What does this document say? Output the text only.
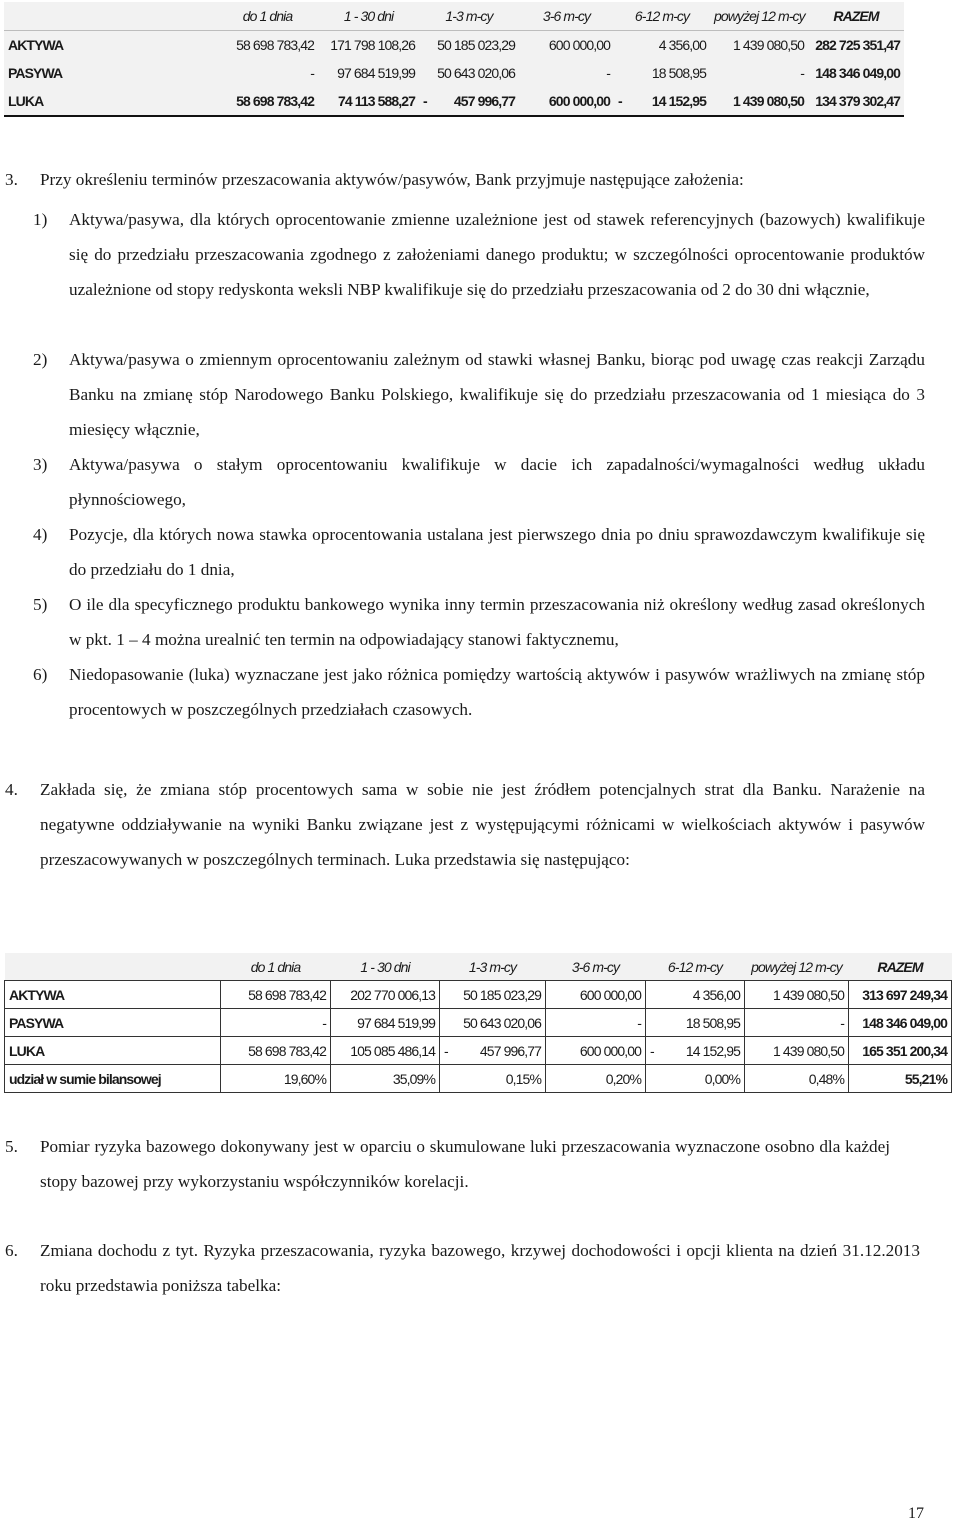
	do 1 dnia	1 - 30 dni	1-3 m-cy	3-6 m-cy	6-12 m-cy	powyżej 12 m-cy	RAZEM
AKTYWA	58 698 783,42	171 798 108,26	50 185 023,29	600 000,00	4 356,00	1 439 080,50	282 725 351,47
PASYWA	-	97 684 519,99	50 643 020,06	-	18 508,95	-	148 346 049,00
LUKA	58 698 783,42	74 113 588,27	- 457 996,77	600 000,00	- 14 152,95	1 439 080,50	134 379 302,47
3. Przy określeniu terminów przeszacowania aktywów/pasywów, Bank przyjmuje następujące założenia:

1) Aktywa/pasywa, dla których oprocentowanie zmienne uzależnione jest od stawek referencyjnych (bazowych) kwalifikuje się do przedziału przeszacowania zgodnego z założeniami danego produktu; w szczególności oprocentowanie produktów uzależnione od stopy redyskonta weksli NBP kwalifikuje się do przedziału przeszacowania od 2 do 30 dni włącznie,

2) Aktywa/pasywa o zmiennym oprocentowaniu zależnym od stawki własnej Banku, biorąc pod uwagę czas reakcji Zarządu Banku na zmianę stóp Narodowego Banku Polskiego, kwalifikuje się do przedziału przeszacowania od 1 miesiąca do 3 miesięcy włącznie,

3) Aktywa/pasywa o stałym oprocentowaniu kwalifikuje w dacie ich zapadalności/wymagalności według układu płynnościowego,

4) Pozycje, dla których nowa stawka oprocentowania ustalana jest pierwszego dnia po dniu sprawozdawczym kwalifikuje się do przedziału do 1 dnia,

5) O ile dla specyficznego produktu bankowego wynika inny termin przeszacowania niż określony według zasad określonych w pkt. 1 – 4 można urealnić ten termin na odpowiadający stanowi faktycznemu,

6) Niedopasowanie (luka) wyznaczane jest jako różnica pomiędzy wartością aktywów i pasywów wrażliwych na zmianę stóp procentowych w poszczególnych przedziałach czasowych.

4. Zakłada się, że zmiana stóp procentowych sama w sobie nie jest źródłem potencjalnych strat dla Banku. Narażenie na negatywne oddziaływanie na wyniki Banku związane jest z występującymi różnicami w wielkościach aktywów i pasywów przeszacowywanych w poszczególnych terminach. Luka przedstawia się następująco:

	do 1 dnia	1 - 30 dni	1-3 m-cy	3-6 m-cy	6-12 m-cy	powyżej 12 m-cy	RAZEM
AKTYWA	58 698 783,42	202 770 006,13	50 185 023,29	600 000,00	4 356,00	1 439 080,50	313 697 249,34
PASYWA	-	97 684 519,99	50 643 020,06	-	18 508,95	-	148 346 049,00
LUKA	58 698 783,42	105 085 486,14	- 457 996,77	600 000,00	- 14 152,95	1 439 080,50	165 351 200,34
udział w sumie bilansowej	19,60%	35,09%	0,15%	0,20%	0,00%	0,48%	55,21%
5. Pomiar ryzyka bazowego dokonywany jest w oparciu o skumulowane luki przeszacowania wyznaczone osobno dla każdej stopy bazowej przy wykorzystaniu współczynników korelacji.

6. Zmiana dochodu z tyt. Ryzyka przeszacowania, ryzyka bazowego, krzywej dochodowości i opcji klienta na dzień 31.12.2013 roku przedstawia poniższa tabelka:

17
